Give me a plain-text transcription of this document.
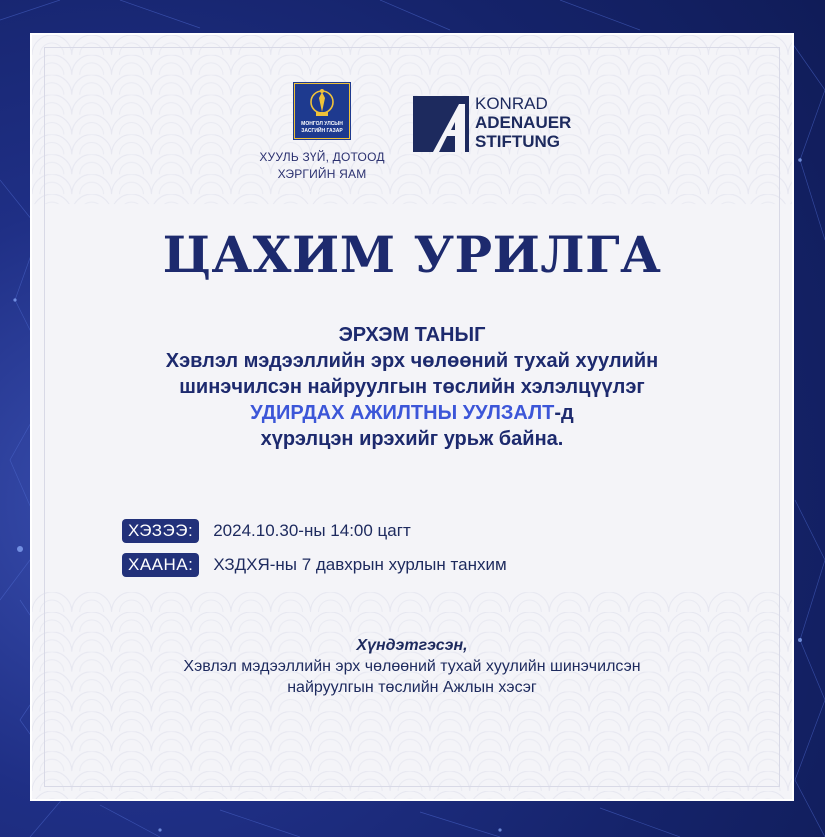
МОНГОЛ УЛСЫН
ЗАСГИЙН ГАЗАР
ХУУЛЬ ЗҮЙ, ДОТООД
ХЭРГИЙН ЯАМ
KONRAD
ADENAUER
STIFTUNG
ЦАХИМ УРИЛГА
ЭРХЭМ ТАНЫГ
Хэвлэл мэдээллийн эрх чөлөөний тухай хуулийн
шинэчилсэн найруулгын төслийн хэлэлцүүлэг
УДИРДАХ АЖИЛТНЫ УУЛЗАЛТ-д
хүрэлцэн ирэхийг урьж байна.
ХЭЗЭЭ:	2024.10.30-ны 14:00 цагт
ХААНА:	ХЗДХЯ-ны 7 давхрын хурлын танхим
Хүндэтгэсэн,
Хэвлэл мэдээллийн эрх чөлөөний тухай хуулийн шинэчилсэн
найруулгын төслийн Ажлын хэсэг
